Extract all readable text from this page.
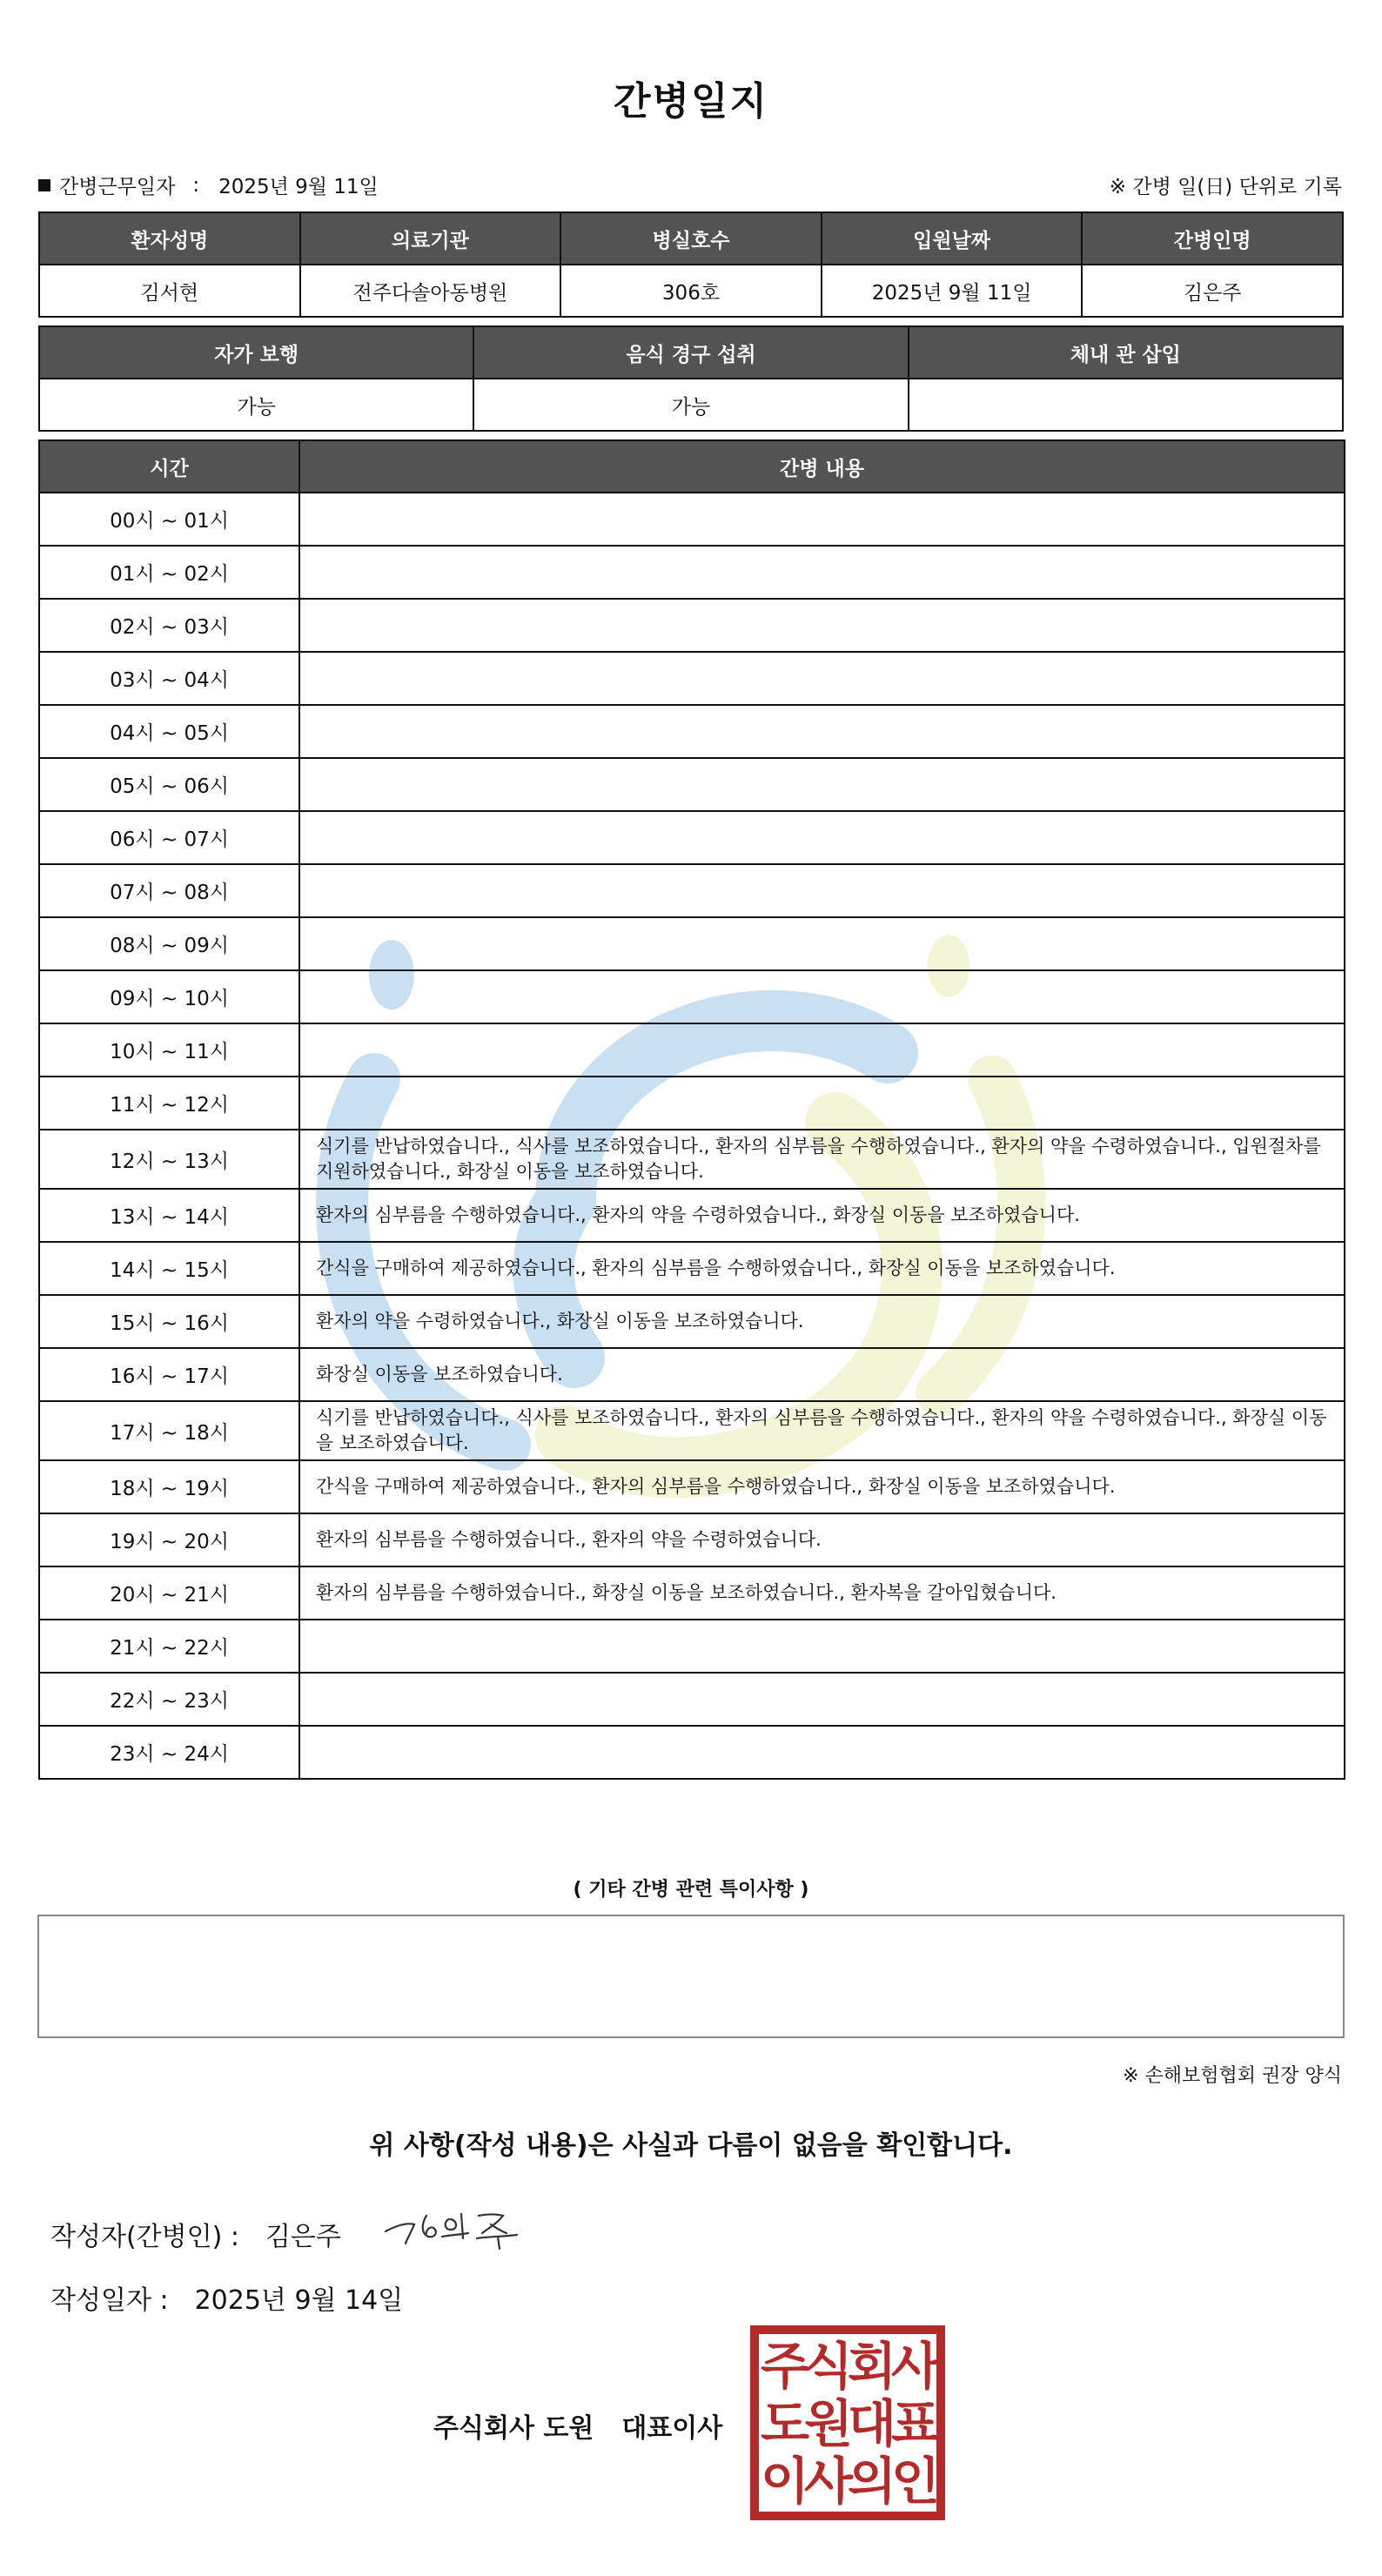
간병일지
간병근무일자 : 2025년 9월 11일	※ 간병 일(日) 단위로 기록
환자성명	의료기관	병실호수	입원날짜	간병인명
김서현	전주다솔아동병원	306호	2025년 9월 11일	김은주
자가 보행	음식 경구 섭취	체내 관 삽입
가능	가능	
시간	간병 내용
00시 ~ 01시	
01시 ~ 02시	
02시 ~ 03시	
03시 ~ 04시	
04시 ~ 05시	
05시 ~ 06시	
06시 ~ 07시	
07시 ~ 08시	
08시 ~ 09시	
09시 ~ 10시	
10시 ~ 11시	
11시 ~ 12시	
12시 ~ 13시	식기를 반납하였습니다., 식사를 보조하였습니다., 환자의 심부름을 수행하였습니다., 환자의 약을 수령하였습니다., 입원절차를 지원하였습니다., 화장실 이동을 보조하였습니다.
13시 ~ 14시	환자의 심부름을 수행하였습니다., 환자의 약을 수령하였습니다., 화장실 이동을 보조하였습니다.
14시 ~ 15시	간식을 구매하여 제공하였습니다., 환자의 심부름을 수행하였습니다., 화장실 이동을 보조하였습니다.
15시 ~ 16시	환자의 약을 수령하였습니다., 화장실 이동을 보조하였습니다.
16시 ~ 17시	화장실 이동을 보조하였습니다.
17시 ~ 18시	식기를 반납하였습니다., 식사를 보조하였습니다., 환자의 심부름을 수행하였습니다., 환자의 약을 수령하였습니다., 화장실 이동을 보조하였습니다.
18시 ~ 19시	간식을 구매하여 제공하였습니다., 환자의 심부름을 수행하였습니다., 화장실 이동을 보조하였습니다.
19시 ~ 20시	환자의 심부름을 수행하였습니다., 환자의 약을 수령하였습니다.
20시 ~ 21시	환자의 심부름을 수행하였습니다., 화장실 이동을 보조하였습니다., 환자복을 갈아입혔습니다.
21시 ~ 22시	
22시 ~ 23시	
23시 ~ 24시	
( 기타 간병 관련 특이사항 )
※ 손해보험협회 권장 양식
위 사항(작성 내용)은 사실과 다름이 없음을 확인합니다.
작성자(간병인) : 김은주
작성일자 : 2025년 9월 14일
주식회사 도원 대표이사
주식회사
도원대표
이사의인
